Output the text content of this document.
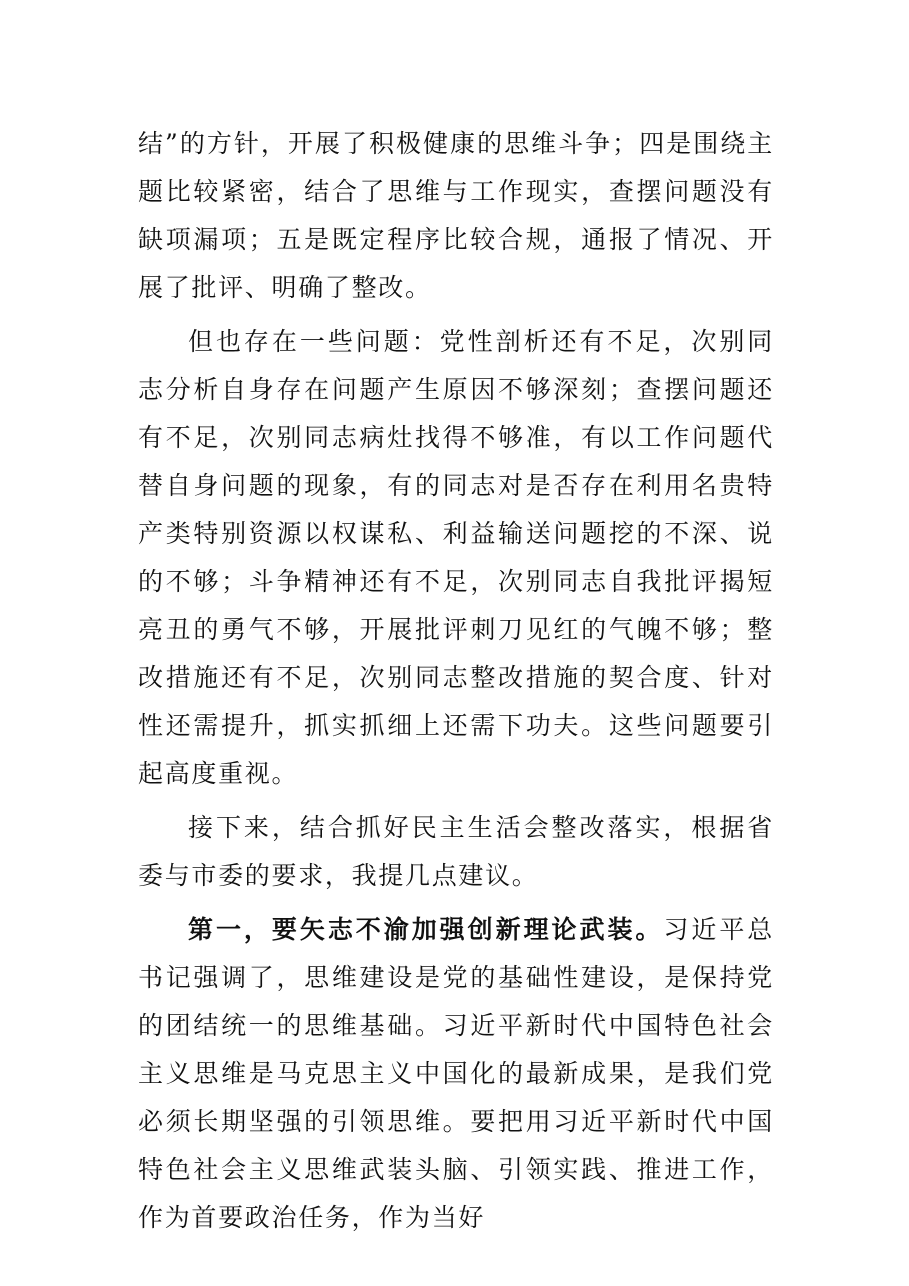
结”的方针，开展了积极健康的思维斗争；四是围绕主题比较紧密，结合了思维与工作现实，查摆问题没有缺项漏项；五是既定程序比较合规，通报了情况、开展了批评、明确了整改。

但也存在一些问题：党性剖析还有不足，次别同志分析自身存在问题产生原因不够深刻；查摆问题还有不足，次别同志病灶找得不够准，有以工作问题代替自身问题的现象，有的同志对是否存在利用名贵特产类特别资源以权谋私、利益输送问题挖的不深、说的不够；斗争精神还有不足，次别同志自我批评揭短亮丑的勇气不够，开展批评刺刀见红的气魄不够；整改措施还有不足，次别同志整改措施的契合度、针对性还需提升，抓实抓细上还需下功夫。这些问题要引起高度重视。

接下来，结合抓好民主生活会整改落实，根据省委与市委的要求，我提几点建议。

第一，要矢志不渝加强创新理论武装。习近平总书记强调了，思维建设是党的基础性建设，是保持党的团结统一的思维基础。习近平新时代中国特色社会主义思维是马克思主义中国化的最新成果，是我们党必须长期坚强的引领思维。要把用习近平新时代中国特色社会主义思维武装头脑、引领实践、推进工作，作为首要政治任务，作为当好
